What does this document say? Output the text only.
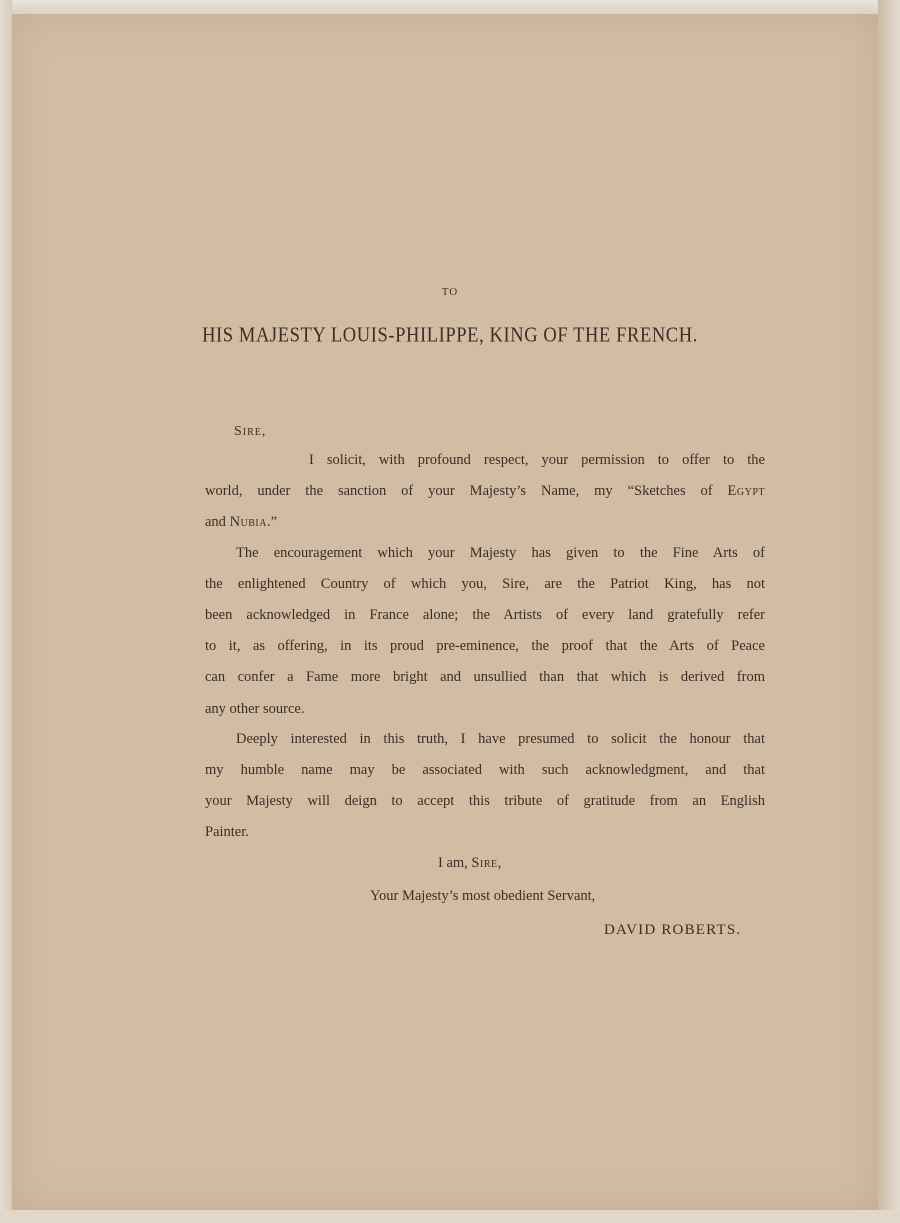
TO
HIS MAJESTY LOUIS-PHILIPPE, KING OF THE FRENCH.
Sire,
I solicit, with profound respect, your permission to offer to the
world, under the sanction of your Majesty’s Name, my “Sketches of Egypt
and Nubia.”
The encouragement which your Majesty has given to the Fine Arts of
the enlightened Country of which you, Sire, are the Patriot King, has not
been acknowledged in France alone; the Artists of every land gratefully refer
to it, as offering, in its proud pre-eminence, the proof that the Arts of Peace
can confer a Fame more bright and unsullied than that which is derived from
any other source.
Deeply interested in this truth, I have presumed to solicit the honour that
my humble name may be associated with such acknowledgment, and that
your Majesty will deign to accept this tribute of gratitude from an English
Painter.
I am, Sire,
Your Majesty’s most obedient Servant,
DAVID ROBERTS.
